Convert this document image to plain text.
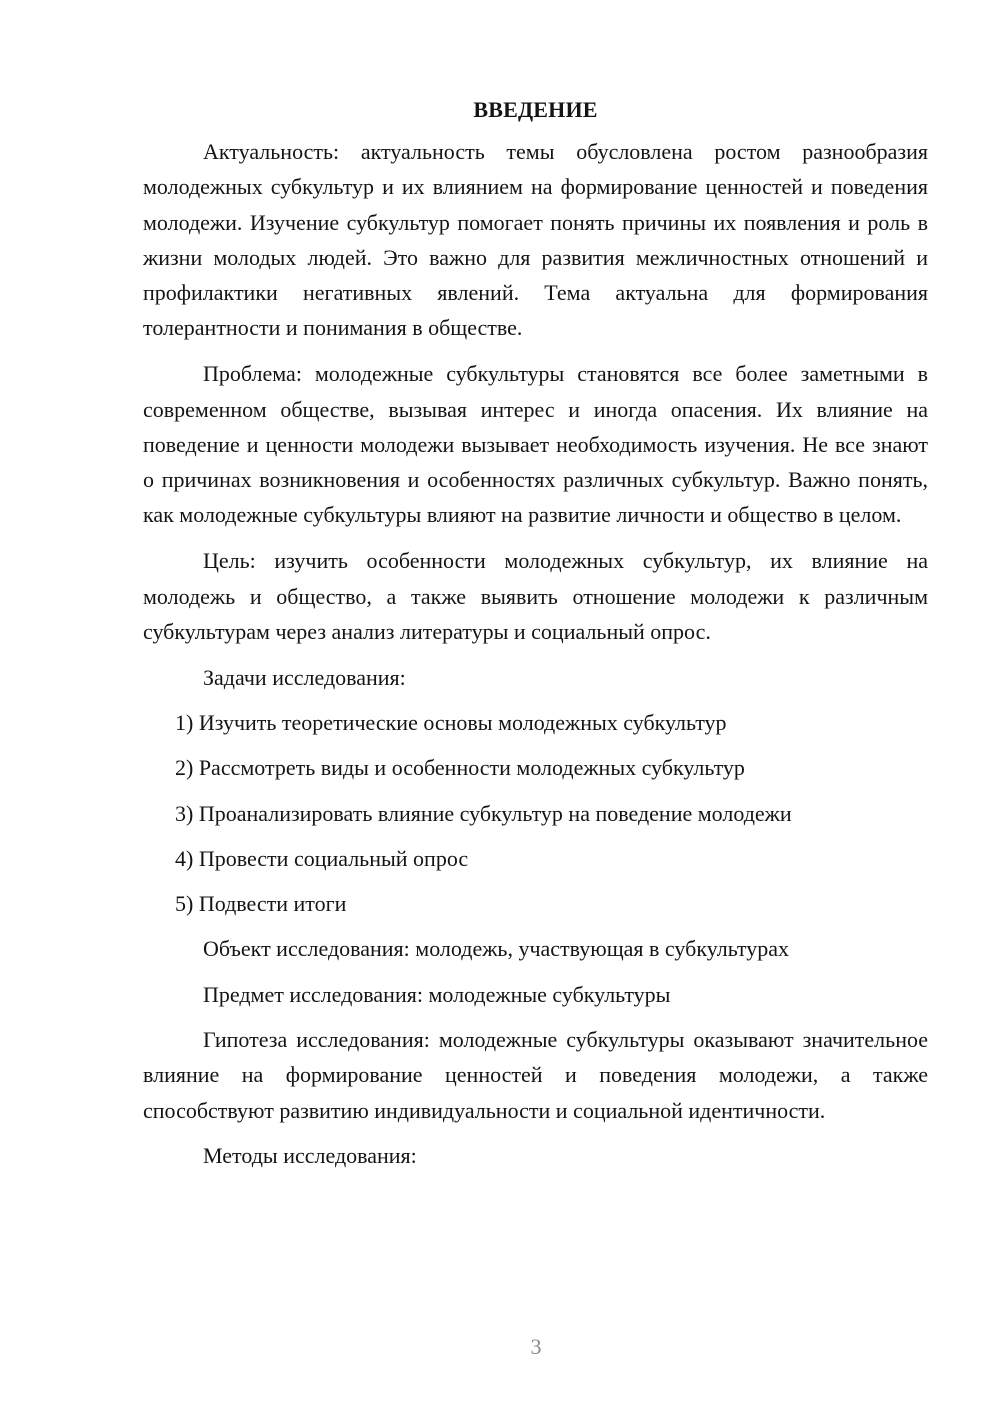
ВВЕДЕНИЕ

Актуальность: актуальность темы обусловлена ростом разнообразия молодежных субкультур и их влиянием на формирование ценностей и поведения молодежи. Изучение субкультур помогает понять причины их появления и роль в жизни молодых людей. Это важно для развития межличностных отношений и профилактики негативных явлений. Тема актуальна для формирования толерантности и понимания в обществе.

Проблема: молодежные субкультуры становятся все более заметными в современном обществе, вызывая интерес и иногда опасения. Их влияние на поведение и ценности молодежи вызывает необходимость изучения. Не все знают о причинах возникновения и особенностях различных субкультур. Важно понять, как молодежные субкультуры влияют на развитие личности и общество в целом.

Цель: изучить особенности молодежных субкультур, их влияние на молодежь и общество, а также выявить отношение молодежи к различным субкультурам через анализ литературы и социальный опрос.

Задачи исследования:

1) Изучить теоретические основы молодежных субкультур
2) Рассмотреть виды и особенности молодежных субкультур
3) Проанализировать влияние субкультур на поведение молодежи
4) Провести социальный опрос
5) Подвести итоги

Объект исследования: молодежь, участвующая в субкультурах

Предмет исследования: молодежные субкультуры

Гипотеза исследования: молодежные субкультуры оказывают значительное влияние на формирование ценностей и поведения молодежи, а также способствуют развитию индивидуальности и социальной идентичности.

Методы исследования:

3
